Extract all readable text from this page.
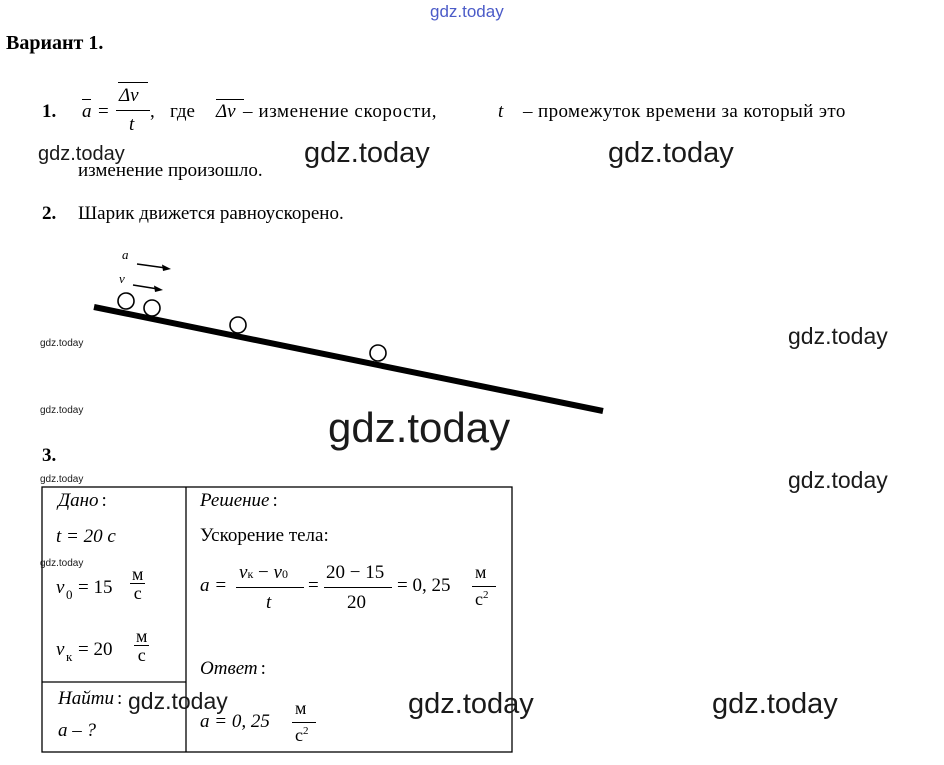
gdz.today
Вариант 1.
1. a =
Δv
t
, где Δv – изменение скорости,	t – промежуток времени за который это
изменение произошло.
gdz.today	gdz.today	gdz.today
2. Шарик движется равноускорено.
a
v
gdz.today
gdz.today
gdz.today
gdz.today
gdz.today
3.
gdz.today
Дано :
t = 20 c
gdz.today
v 0 = 15
м
с
v к = 20
м
с
Найти :
a – ?
Решение :
Ускорение тела:
a =
vк − v0
t
=
20 − 15
20
= 0, 25
м
$с^2$
Ответ :
a = 0, 25
м
$с^2$
gdz.today	gdz.today	gdz.today
